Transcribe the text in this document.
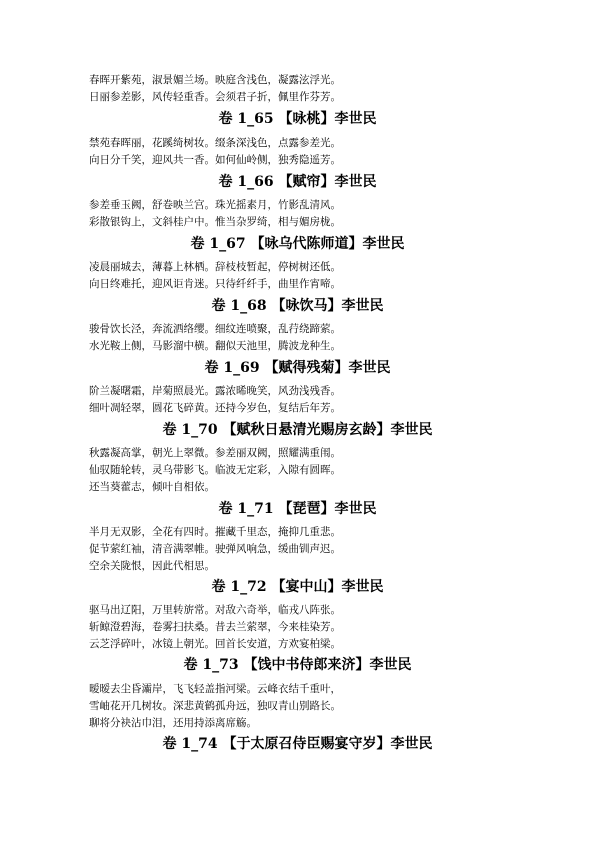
春晖开紫苑，淑景媚兰场。映庭含浅色，凝露泫浮光。
日丽参差影，风传轻重香。会须君子折，佩里作芬芳。
卷 1_65 【咏桃】李世民
禁苑春晖丽，花蹊绮树妆。缀条深浅色，点露参差光。
向日分千笑，迎风共一香。如何仙岭侧，独秀隐遥芳。
卷 1_66 【赋帘】李世民
参差垂玉阙，舒卷映兰宫。珠光摇素月，竹影乱清风。
彩散银钩上，文斜桂户中。惟当杂罗绮，相与媚房栊。
卷 1_67 【咏乌代陈师道】李世民
凌晨丽城去，薄暮上林栖。辞枝枝暂起，停树树还低。
向日终难托，迎风讵肯迷。只待纤纤手，曲里作宵啼。
卷 1_68 【咏饮马】李世民
骏骨饮长泾，奔流洒络缨。细纹连喷聚，乱荇绕蹄萦。
水光鞍上侧，马影溜中横。翻似天池里，腾波龙种生。
卷 1_69 【赋得残菊】李世民
阶兰凝曙霜，岸菊照晨光。露浓晞晚笑，风劲浅残香。
细叶凋轻翠，圆花飞碎黄。还持今岁色，复结后年芳。
卷 1_70 【赋秋日悬清光赐房玄龄】李世民
秋露凝高掌，朝光上翠微。参差丽双阙，照耀满重闱。
仙驭随轮转，灵乌带影飞。临波无定彩，入隙有圆晖。
还当葵藿志，倾叶自相依。
卷 1_71 【琵琶】李世民
半月无双影，全花有四时。摧藏千里态，掩抑几重悲。
促节萦红袖，清音满翠帷。驶弹风响急，缓曲钏声迟。
空余关陇恨，因此代相思。
卷 1_72 【宴中山】李世民
驱马出辽阳，万里转旂常。对敌六奇举，临戎八阵张。
斩鲸澄碧海，卷雾扫扶桑。昔去兰萦翠，今来桂染芳。
云芝浮碎叶，冰镜上朝光。回首长安道，方欢宴柏梁。
卷 1_73 【饯中书侍郎来济】李世民
暧暧去尘昏灞岸，飞飞轻盖指河梁。云峰衣结千重叶，
雪岫花开几树妆。深悲黄鹤孤舟远，独叹青山别路长。
聊将分袂沾巾泪，还用持添离席觞。
卷 1_74 【于太原召侍臣赐宴守岁】李世民
